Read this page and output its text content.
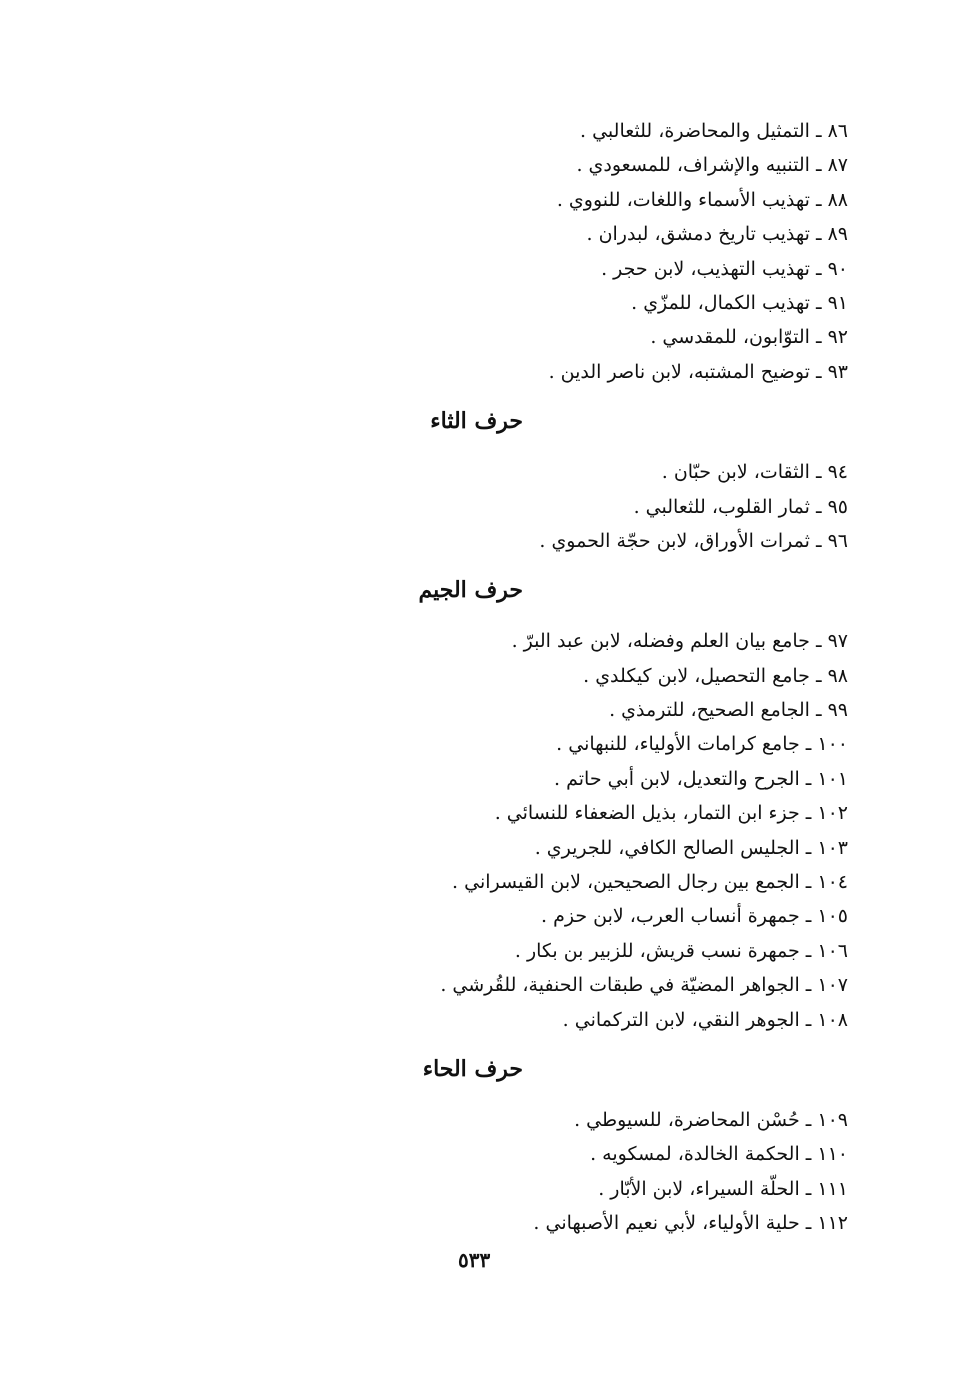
٨٦ ـ التمثيل والمحاضرة، للثعالبي .
٨٧ ـ التنبيه والإشراف، للمسعودي .
٨٨ ـ تهذيب الأسماء واللغات، للنووي .
٨٩ ـ تهذيب تاريخ دمشق، لبدران .
٩٠ ـ تهذيب التهذيب، لابن حجر .
٩١ ـ تهذيب الكمال، للمزّي .
٩٢ ـ التوّابون، للمقدسي .
٩٣ ـ توضيح المشتبه، لابن ناصر الدين .
حرف الثاء
٩٤ ـ الثقات، لابن حبّان .
٩٥ ـ ثمار القلوب، للثعالبي .
٩٦ ـ ثمرات الأوراق، لابن حجّة الحموي .
حرف الجيم
٩٧ ـ جامع بيان العلم وفضله، لابن عبد البرّ .
٩٨ ـ جامع التحصيل، لابن كيكلدي .
٩٩ ـ الجامع الصحيح، للترمذي .
١٠٠ ـ جامع كرامات الأولياء، للنبهاني .
١٠١ ـ الجرح والتعديل، لابن أبي حاتم .
١٠٢ ـ جزء ابن التمار، بذيل الضعفاء للنسائي .
١٠٣ ـ الجليس الصالح الكافي، للجريري .
١٠٤ ـ الجمع بين رجال الصحيحين، لابن القيسراني .
١٠٥ ـ جمهرة أنساب العرب، لابن حزم .
١٠٦ ـ جمهرة نسب قريش، للزبير بن بكار .
١٠٧ ـ الجواهر المضيّة في طبقات الحنفية، للقُرشي .
١٠٨ ـ الجوهر النقي، لابن التركماني .
حرف الحاء
١٠٩ ـ حُسْن المحاضرة، للسيوطي .
١١٠ ـ الحكمة الخالدة، لمسكويه .
١١١ ـ الحلّة السيراء، لابن الأبّار .
١١٢ ـ حلية الأولياء، لأبي نعيم الأصبهاني .
٥٣٣
